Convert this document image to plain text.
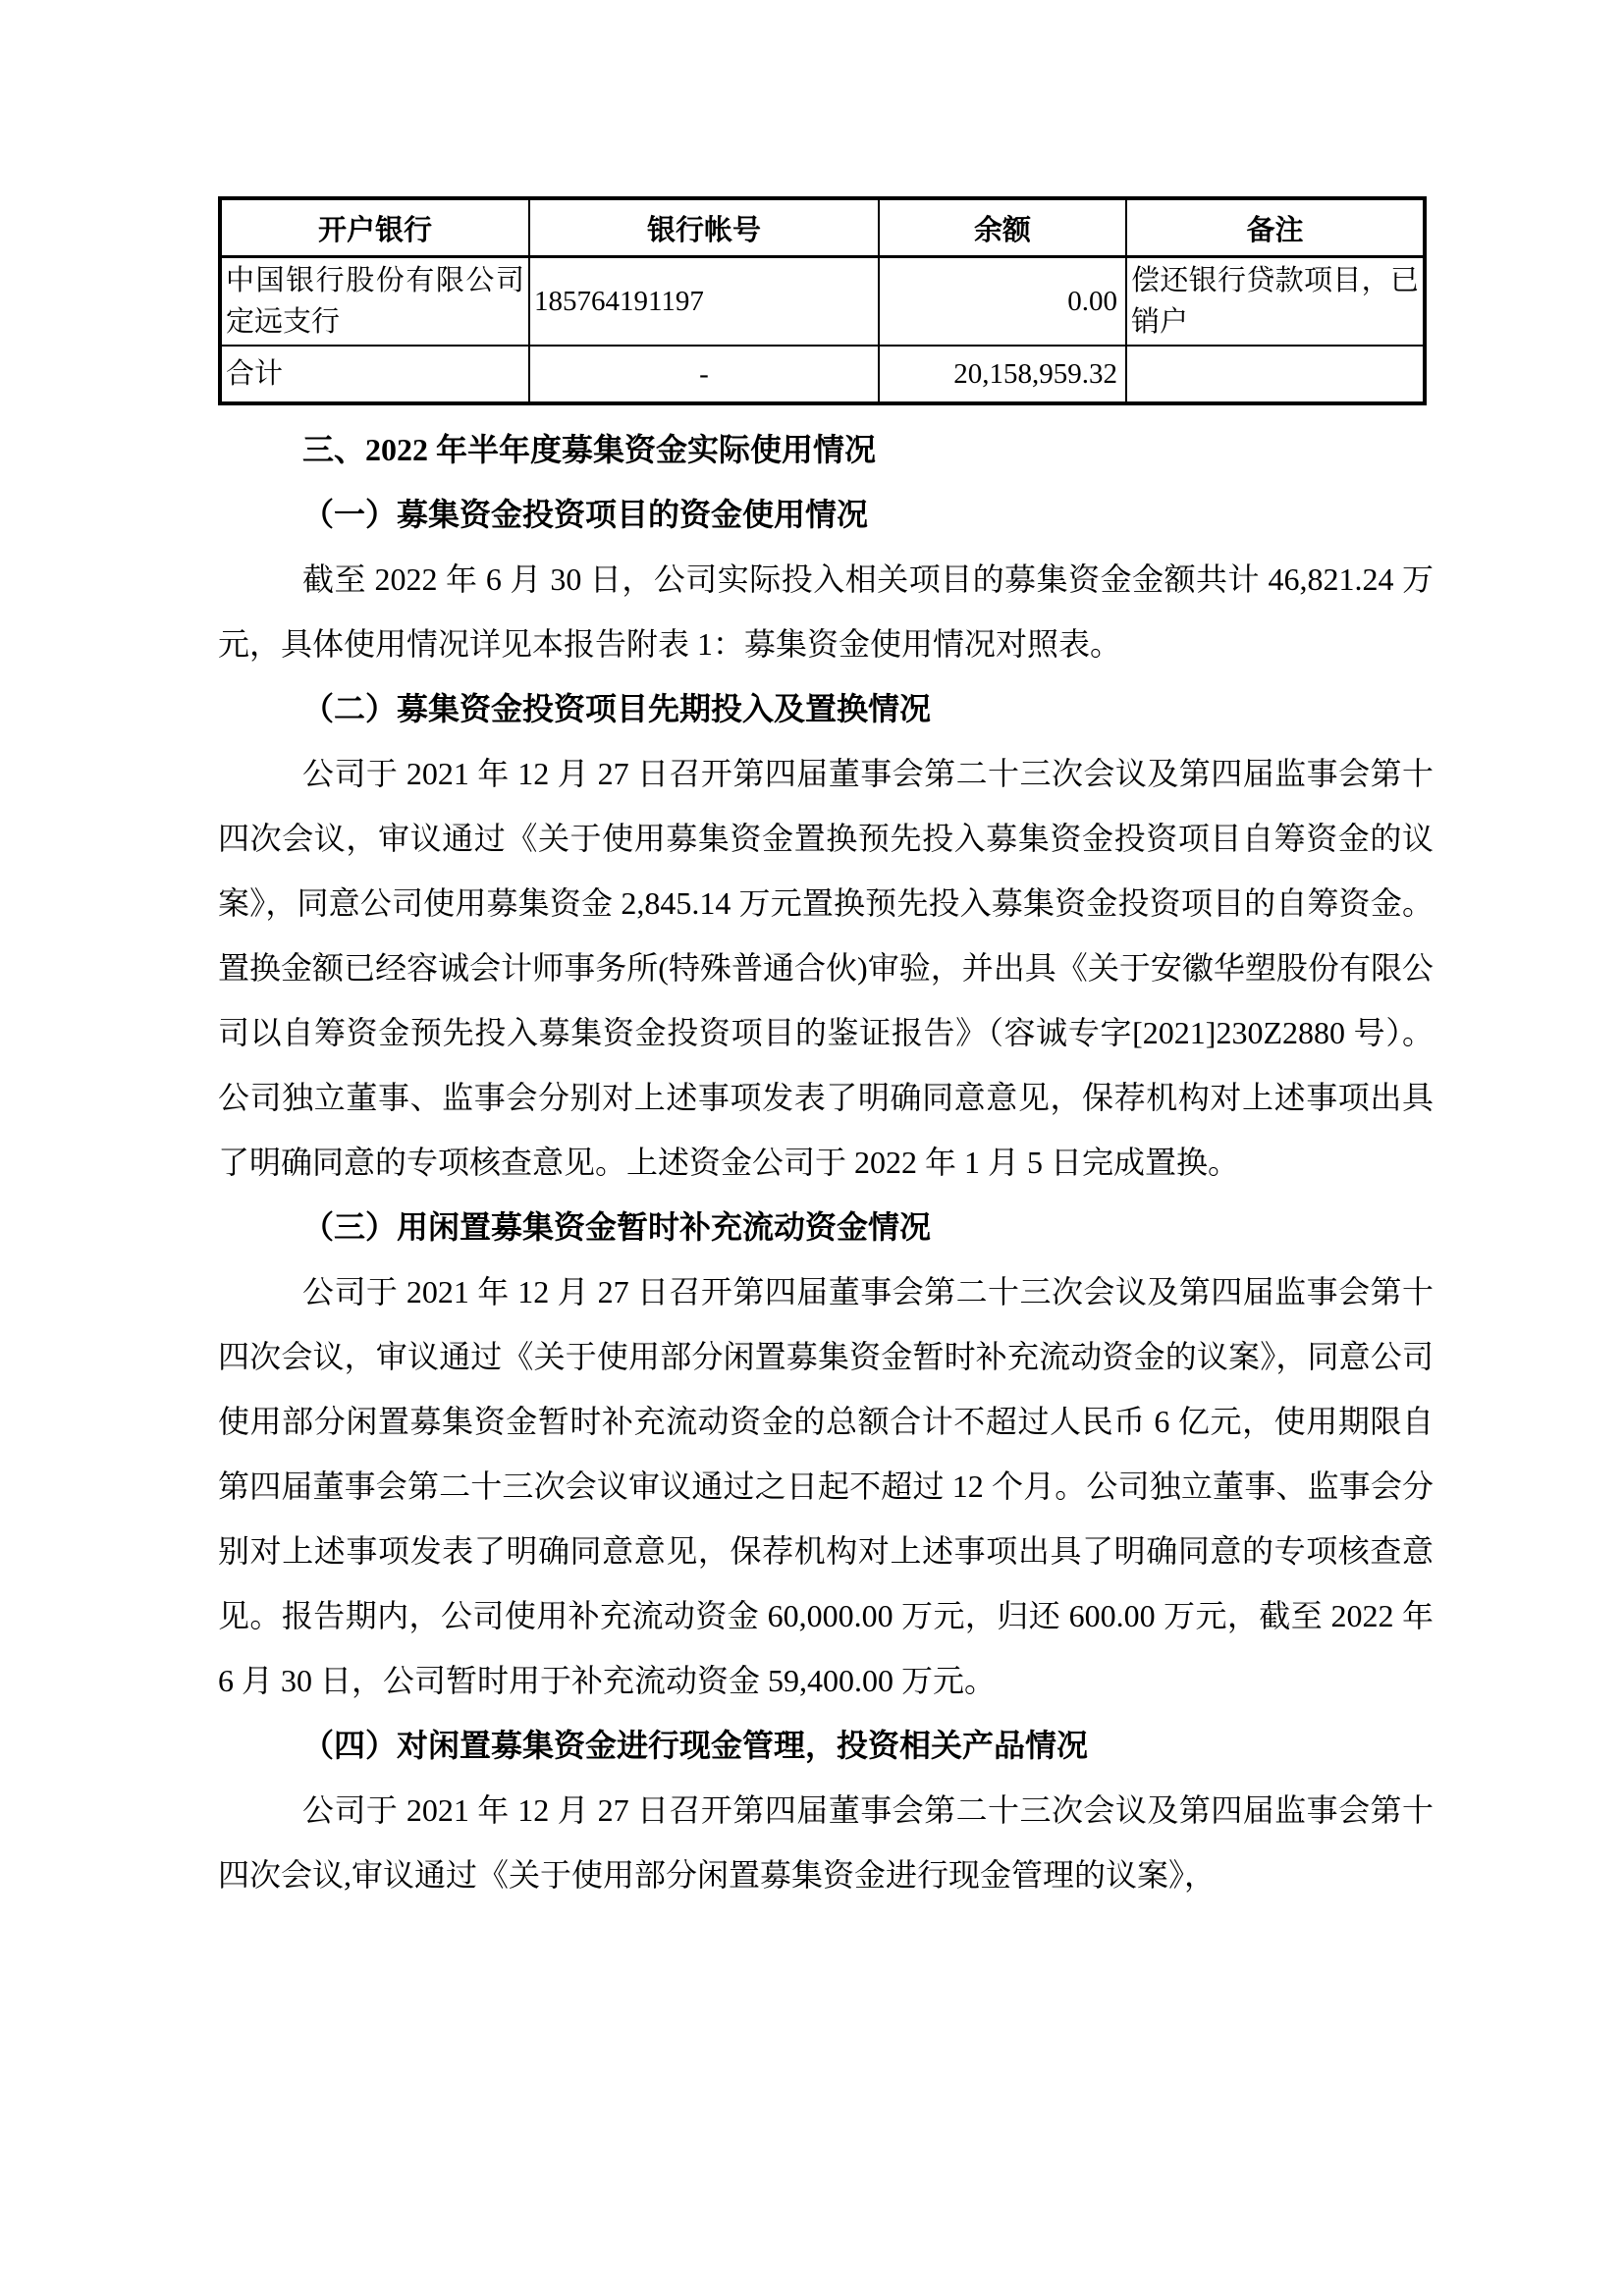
开户银行	银行帐号	余额	备注
中国银行股份有限公司定远支行	185764191197	0.00	偿还银行贷款项目，已销户
合计	-	20,158,959.32	
三、2022 年半年度募集资金实际使用情况
（一）募集资金投资项目的资金使用情况

截至 2022 年 6 月 30 日，公司实际投入相关项目的募集资金金额共计 46,821.24 万元，具体使用情况详见本报告附表 1：募集资金使用情况对照表。

（二）募集资金投资项目先期投入及置换情况

公司于 2021 年 12 月 27 日召开第四届董事会第二十三次会议及第四届监事会第十四次会议，审议通过《关于使用募集资金置换预先投入募集资金投资项目自筹资金的议案》，同意公司使用募集资金 2,845.14 万元置换预先投入募集资金投资项目的自筹资金。置换金额已经容诚会计师事务所(特殊普通合伙)审验，并出具《关于安徽华塑股份有限公司以自筹资金预先投入募集资金投资项目的鉴证报告》（容诚专字[2021]230Z2880 号）。公司独立董事、监事会分别对上述事项发表了明确同意意见，保荐机构对上述事项出具了明确同意的专项核查意见。上述资金公司于 2022 年 1 月 5 日完成置换。

（三）用闲置募集资金暂时补充流动资金情况

公司于 2021 年 12 月 27 日召开第四届董事会第二十三次会议及第四届监事会第十四次会议，审议通过《关于使用部分闲置募集资金暂时补充流动资金的议案》，同意公司使用部分闲置募集资金暂时补充流动资金的总额合计不超过人民币 6 亿元，使用期限自第四届董事会第二十三次会议审议通过之日起不超过 12 个月。公司独立董事、监事会分别对上述事项发表了明确同意意见，保荐机构对上述事项出具了明确同意的专项核查意见。报告期内，公司使用补充流动资金 60,000.00 万元，归还 600.00 万元，截至 2022 年 6 月 30 日，公司暂时用于补充流动资金 59,400.00 万元。

（四）对闲置募集资金进行现金管理，投资相关产品情况

公司于 2021 年 12 月 27 日召开第四届董事会第二十三次会议及第四届监事会第十四次会议,审议通过《关于使用部分闲置募集资金进行现金管理的议案》，
